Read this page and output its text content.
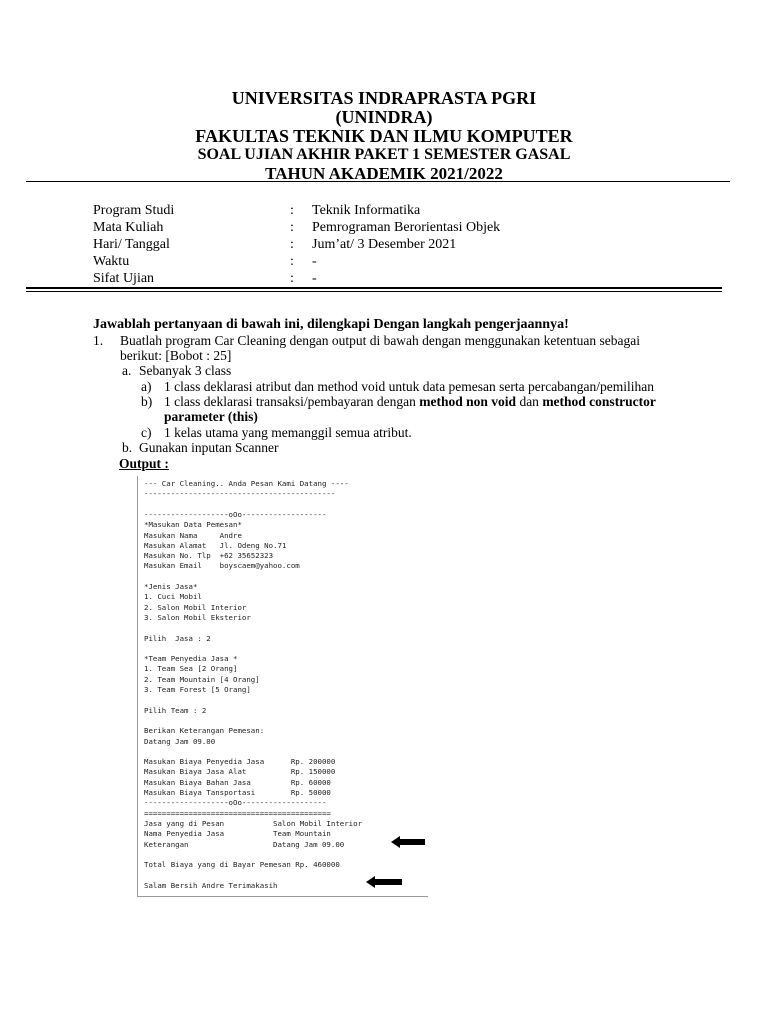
UNIVERSITAS INDRAPRASTA PGRI
(UNINDRA)
FAKULTAS TEKNIK DAN ILMU KOMPUTER
SOAL UJIAN AKHIR PAKET 1 SEMESTER GASAL
TAHUN AKADEMIK 2021/2022
Program Studi	: Teknik Informatika
Mata Kuliah	: Pemrograman Berorientasi Objek
Hari/ Tanggal	: Jum’at/ 3 Desember 2021
Waktu	: -
Sifat Ujian	: -
Jawablah pertanyaan di bawah ini, dilengkapi Dengan langkah pengerjaannya!
1. Buatlah program Car Cleaning dengan output di bawah dengan menggunakan ketentuan sebagai
berikut: [Bobot : 25]
a. Sebanyak 3 class
a) 1 class deklarasi atribut dan method void untuk data pemesan serta percabangan/pemilihan
b) 1 class deklarasi transaksi/pembayaran dengan method non void dan method constructor
parameter (this)
c) 1 kelas utama yang memanggil semua atribut.
b. Gunakan inputan Scanner
Output :
--- Car Cleaning.. Anda Pesan Kami Datang ----
-------------------------------------------
-------------------oOo-------------------
*Masukan Data Pemesan*
Masukan Nama     Andre
Masukan Alamat   Jl. Odeng No.71
Masukan No. Tlp  +62 35652323
Masukan Email    boyscaem@yahoo.com
*Jenis Jasa*
1. Cuci Mobil
2. Salon Mobil Interior
3. Salon Mobil Eksterior
Pilih  Jasa : 2
*Team Penyedia Jasa *
1. Team Sea [2 Orang]
2. Team Mountain [4 Orang]
3. Team Forest [5 Orang]
Pilih Team : 2
Berikan Keterangan Pemesan:
Datang Jam 09.00
Masukan Biaya Penyedia Jasa      Rp. 200000
Masukan Biaya Jasa Alat          Rp. 150000
Masukan Biaya Bahan Jasa         Rp. 60000
Masukan Biaya Tansportasi        Rp. 50000
-------------------oOo-------------------
==========================================
Jasa yang di Pesan           Salon Mobil Interior
Nama Penyedia Jasa           Team Mountain
Keterangan                   Datang Jam 09.00
Total Biaya yang di Bayar Pemesan Rp. 460000
Salam Bersih Andre Terimakasih
